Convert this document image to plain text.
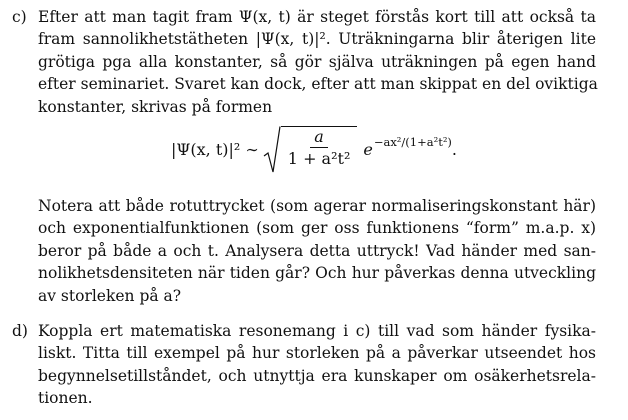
c) Efter att man tagit fram Ψ(x, t) är steget förstås kort till att också ta
fram sannolikhetstätheten |Ψ(x, t)|². Uträkningarna blir återigen lite
grötiga pga alla konstanter, så gör själva uträkningen på egen hand
efter seminariet. Svaret kan dock, efter att man skippat en del oviktiga
konstanter, skrivas på formen
|Ψ(x, t)|² ∼ $\frac{a}{\text{1 + a²t²}}$ e −ax²/(1+a²t²) .
Notera att både rotuttrycket (som agerar normaliseringskonstant här)
och exponentialfunktionen (som ger oss funktionens “form” m.a.p. x)
beror på både a och t. Analysera detta uttryck! Vad händer med san-
nolikhetsdensiteten när tiden går? Och hur påverkas denna utveckling
av storleken på a?
d) Koppla ert matematiska resonemang i c) till vad som händer fysika-
liskt. Titta till exempel på hur storleken på a påverkar utseendet hos
begynnelsetillståndet, och utnyttja era kunskaper om osäkerhetsrela-
tionen.
